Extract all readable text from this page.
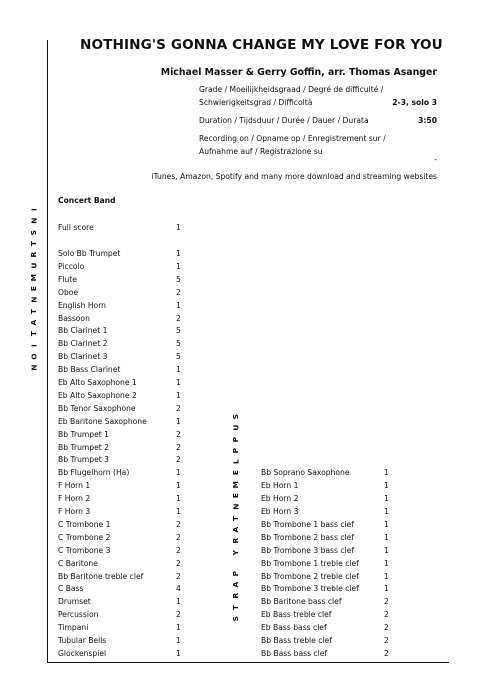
NOTHING'S GONNA CHANGE MY LOVE FOR YOU
Michael Masser & Gerry Goffin, arr. Thomas Asanger
Grade / Moeilijkheidsgraad / Degré de difficulté /
Schwierigkeitsgrad / Difficoltà	2-3, solo 3
Duration / Tijdsduur / Durée / Dauer / Durata	3:50
Recording on / Opname op / Enregistrement sur /
Aufnahme auf / Registrazione su
-
iTunes, Amazon, Spotify and many more download and streaming websites
I
N
S
T
R
U
M
E
N
T
A
T
I
O
N
S
U
P
P
L
E
M
E
N
T
A
R
Y
P
A
R
T
S
Concert Band
Full score	1
Solo Bb Trumpet	1
Piccolo	1
Flute	5
Oboe	2
English Horn	1
Bassoon	2
Bb Clarinet 1	5
Bb Clarinet 2	5
Bb Clarinet 3	5
Bb Bass Clarinet	1
Eb Alto Saxophone 1	1
Eb Alto Saxophone 2	1
Bb Tenor Saxophone	2
Eb Baritone Saxophone	1
Bb Trumpet 1	2
Bb Trumpet 2	2
Bb Trumpet 3	2
Bb Flugelhorn (Ha)	1
F Horn 1	1
F Horn 2	1
F Horn 3	1
C Trombone 1	2
C Trombone 2	2
C Trombone 3	2
C Baritone	2
Bb Baritone treble clef	2
C Bass	4
Drumset	1
Percussion	2
Timpani	1
Tubular Bells	1
Glockenspiel	1
Bb Soprano Saxophone	1
Eb Horn 1	1
Eb Horn 2	1
Eb Horn 3	1
Bb Trombone 1 bass clef	1
Bb Trombone 2 bass clef	1
Bb Trombone 3 bass clef	1
Bb Trombone 1 treble clef	1
Bb Trombone 2 treble clef	1
Bb Trombone 3 treble clef	1
Bb Baritone bass clef	2
Eb Bass treble clef	2
Eb Bass bass clef	2
Bb Bass treble clef	2
Bb Bass bass clef	2
